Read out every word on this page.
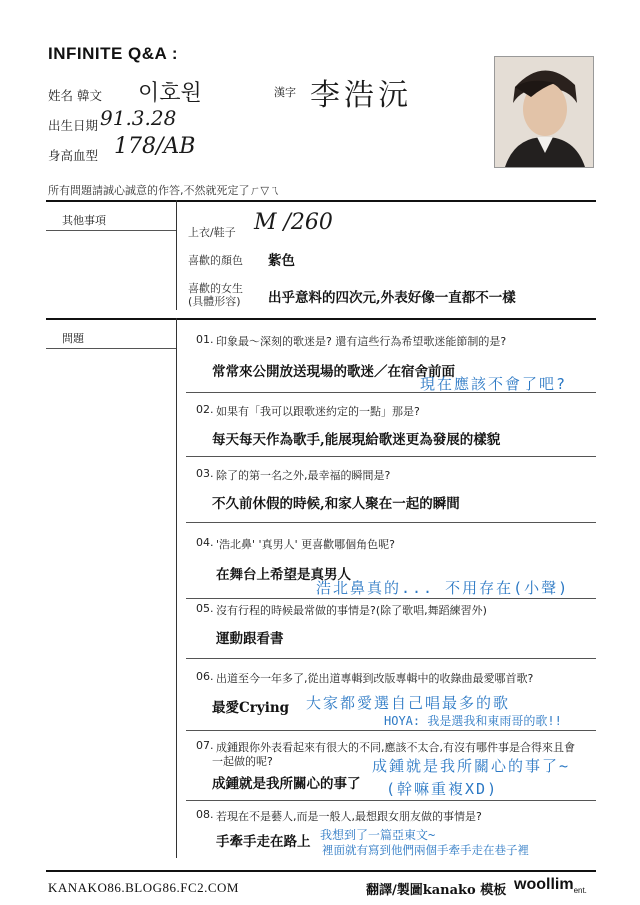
INFINITE Q&A :
姓名 韓文 이호원
出生日期 91.3.28
身高血型 178/AB
漢字 李浩沅
所有問題請誠心誠意的作答,不然就死定了ㄏ▽ㄟ
其他事項
上衣/鞋子 M /260
喜歡的顏色 紫色
喜歡的女生
(具體形容) 出乎意料的四次元,外表好像一直都不一樣
問題	01. 印象最～深刻的歌迷是? 還有這些行為希望歌迷能節制的是?
常常來公開放送現場的歌迷／在宿舍前面
現在應該不會了吧?
02. 如果有「我可以跟歌迷約定的一點」那是?
每天每天作為歌手,能展現給歌迷更為發展的樣貌
03. 除了的第一名之外,最幸福的瞬間是?
不久前休假的時候,和家人聚在一起的瞬間
04. '浩北鼻' '真男人' 更喜歡哪個角色呢?
在舞台上希望是真男人
浩北鼻真的... 不用存在(小聲)
05. 沒有行程的時候最常做的事情是?(除了歌唱,舞蹈練習外)
運動跟看書
06. 出道至今一年多了,從出道專輯到改版專輯中的收錄曲最愛哪首歌?
最愛Crying 大家都愛選自己唱最多的歌
HOYA: 我是選我和東雨哥的歌!!
07. 成鍾跟你外表看起來有很大的不同,應該不太合,有沒有哪件事是合得來且會
一起做的呢?
成鍾就是我所關心的事了
成鍾就是我所關心的事了~
(幹嘛重複XD)
08. 若現在不是藝人,而是一般人,最想跟女朋友做的事情是?
手牽手走在路上 我想到了一篇亞東文~
裡面就有寫到他們兩個手牽手走在巷子裡
KANAKO86.BLOG86.FC2.COM	翻譯/製圖kanako 模板 woollim$_{ent.}$
